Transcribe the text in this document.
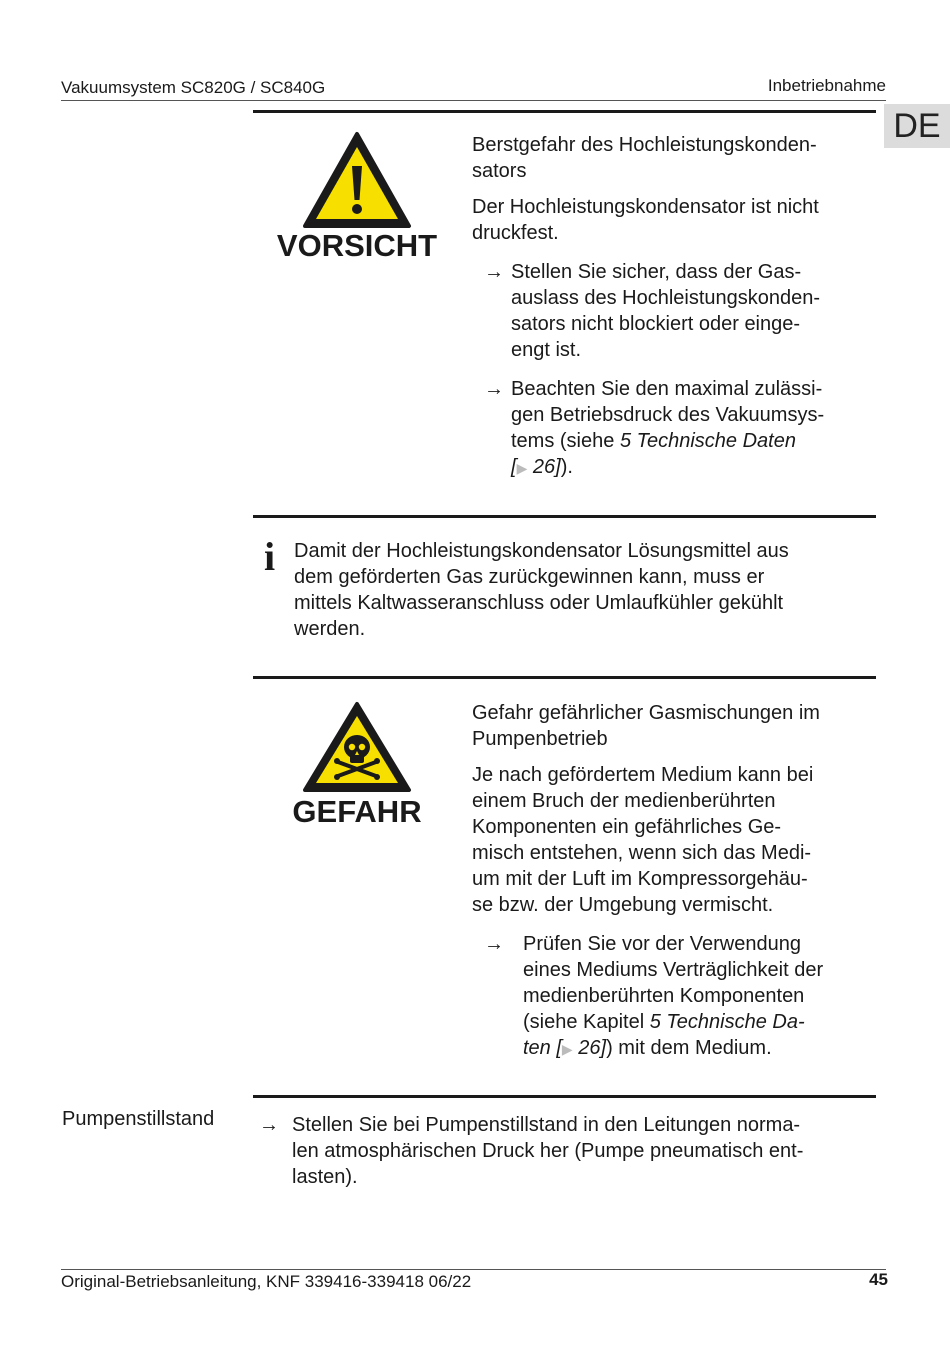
Vakuumsystem SC820G / SC840G	Inbetriebnahme
DE
VORSICHT

Berstgefahr des Hochleistungskonden-

sators

Der Hochleistungskondensator ist nicht

druckfest.

→ Stellen Sie sicher, dass der Gas-
auslass des Hochleistungskonden-
sators nicht blockiert oder einge-
engt ist.
→ Beachten Sie den maximal zulässi-
gen Betriebsdruck des Vakuumsys-
tems (siehe 5 Technische Daten
[▶ 26]).
i Damit der Hochleistungskondensator Lösungsmittel aus

dem geförderten Gas zurückgewinnen kann, muss er

mittels Kaltwasseranschluss oder Umlaufkühler gekühlt

werden.

GEFAHR

Gefahr gefährlicher Gasmischungen im

Pumpenbetrieb

Je nach gefördertem Medium kann bei

einem Bruch der medienberührten

Komponenten ein gefährliches Ge-

misch entstehen, wenn sich das Medi-

um mit der Luft im Kompressorgehäu-

se bzw. der Umgebung vermischt.

→ Prüfen Sie vor der Verwendung
eines Mediums Verträglichkeit der
medienberührten Komponenten
(siehe Kapitel 5 Technische Da-
ten [▶ 26]) mit dem Medium.
Pumpenstillstand → Stellen Sie bei Pumpenstillstand in den Leitungen norma-
len atmosphärischen Druck her (Pumpe pneumatisch ent-
lasten).
Original-Betriebsanleitung, KNF 339416-339418 06/22	45
